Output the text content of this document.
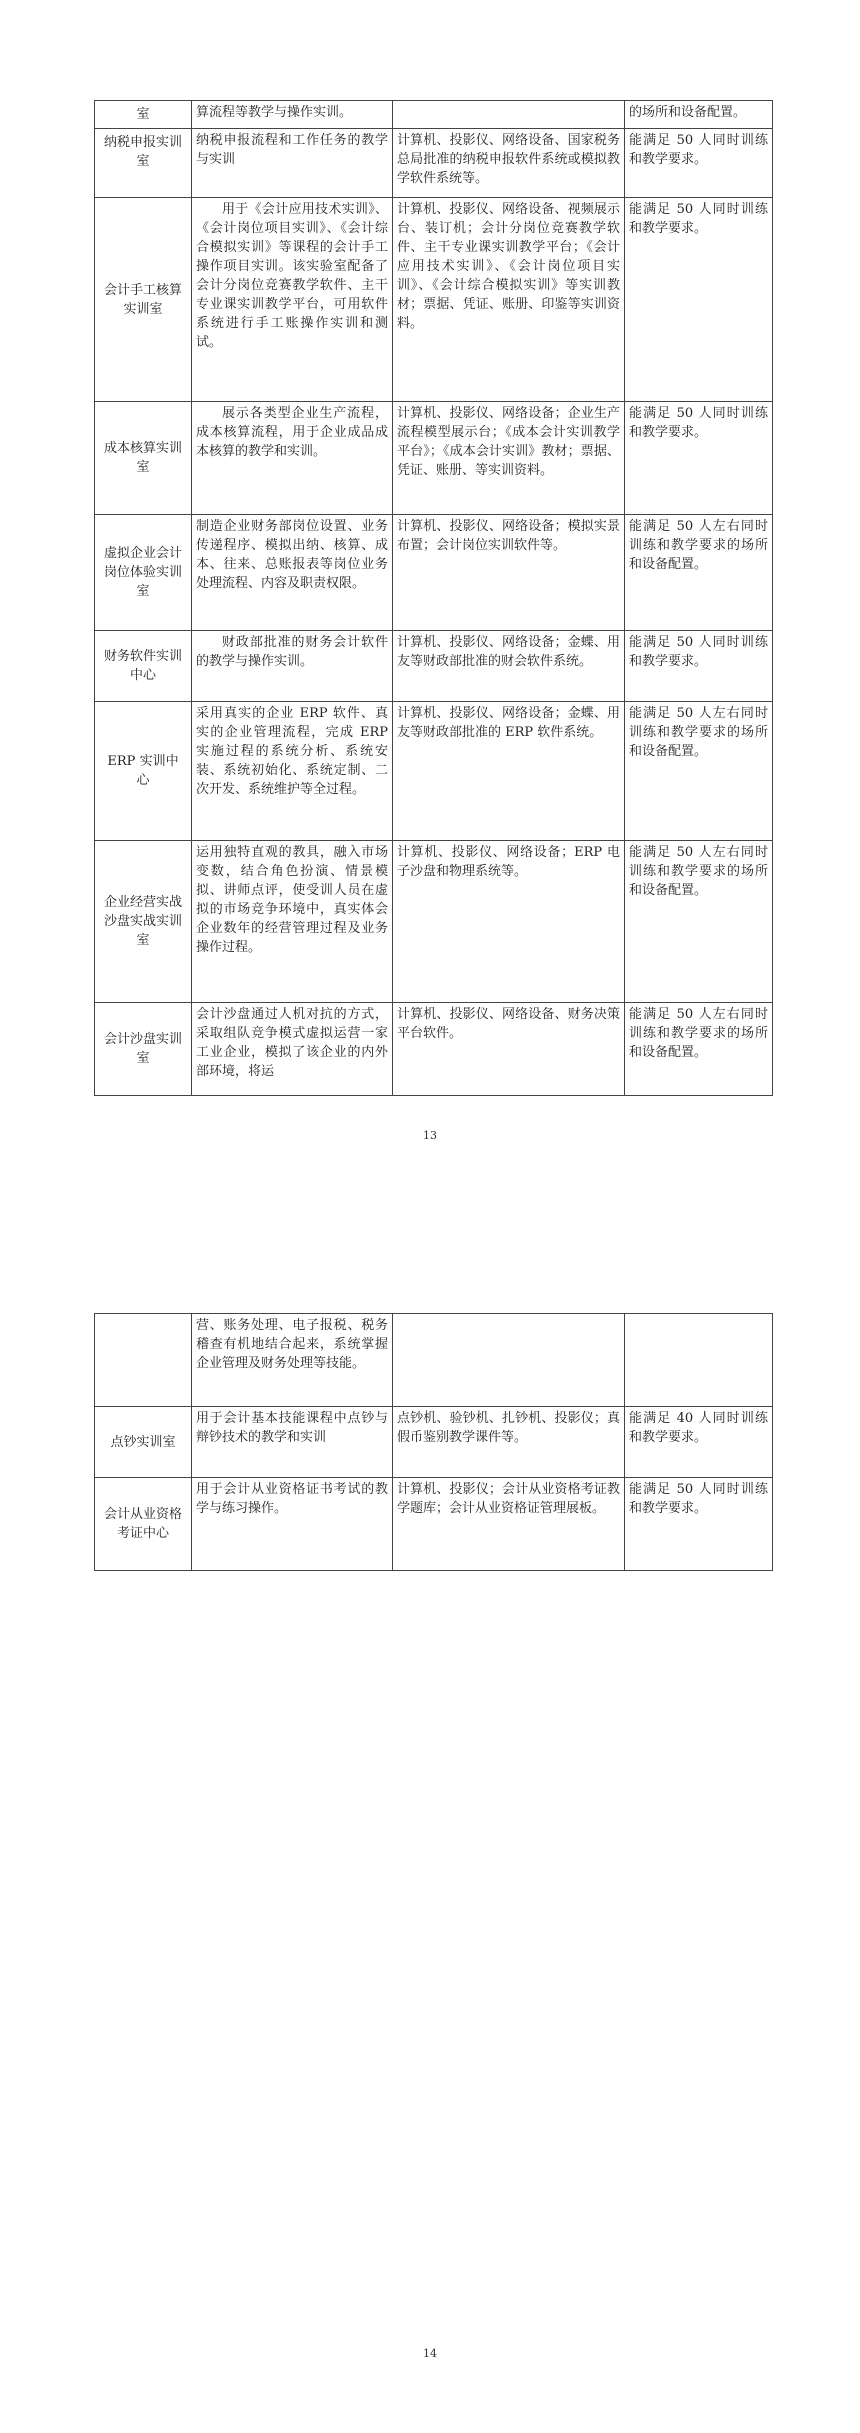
室	算流程等教学与操作实训。		的场所和设备配置。
纳税申报实训室	纳税申报流程和工作任务的教学与实训	计算机、投影仪、网络设备、国家税务总局批准的纳税申报软件系统或模拟教学软件系统等。	能满足 50 人同时训练和教学要求。
会计手工核算实训室	用于《会计应用技术实训》、《会计岗位项目实训》、《会计综合模拟实训》等课程的会计手工操作项目实训。该实验室配备了会计分岗位竞赛教学软件、主干专业课实训教学平台，可用软件系统进行手工账操作实训和测试。	计算机、投影仪、网络设备、视频展示台、装订机；会计分岗位竞赛教学软件、主干专业课实训教学平台；《会计应用技术实训》、《会计岗位项目实训》、《会计综合模拟实训》等实训教材；票据、凭证、账册、印鉴等实训资料。	能满足 50 人同时训练和教学要求。
成本核算实训室	展示各类型企业生产流程，成本核算流程，用于企业成品成本核算的教学和实训。	计算机、投影仪、网络设备；企业生产流程模型展示台；《成本会计实训教学平台》；《成本会计实训》教材；票据、凭证、账册、等实训资料。	能满足 50 人同时训练和教学要求。
虚拟企业会计岗位体验实训室	制造企业财务部岗位设置、业务传递程序、模拟出纳、核算、成本、往来、总账报表等岗位业务处理流程、内容及职责权限。	计算机、投影仪、网络设备；模拟实景布置；会计岗位实训软件等。	能满足 50 人左右同时训练和教学要求的场所和设备配置。
财务软件实训中心	财政部批准的财务会计软件的教学与操作实训。	计算机、投影仪、网络设备；金蝶、用友等财政部批准的财会软件系统。	能满足 50 人同时训练和教学要求。
ERP 实训中心	采用真实的企业 ERP 软件、真实的企业管理流程，完成 ERP 实施过程的系统分析、系统安装、系统初始化、系统定制、二次开发、系统维护等全过程。	计算机、投影仪、网络设备；金蝶、用友等财政部批准的 ERP 软件系统。	能满足 50 人左右同时训练和教学要求的场所和设备配置。
企业经营实战沙盘实战实训室	运用独特直观的教具，融入市场变数，结合角色扮演、情景模拟、讲师点评，使受训人员在虚拟的市场竞争环境中，真实体会企业数年的经营管理过程及业务操作过程。	计算机、投影仪、网络设备；ERP 电子沙盘和物理系统等。	能满足 50 人左右同时训练和教学要求的场所和设备配置。
会计沙盘实训室	会计沙盘通过人机对抗的方式，采取组队竞争模式虚拟运营一家工业企业，模拟了该企业的内外部环境，将运	计算机、投影仪、网络设备、财务决策平台软件。	能满足 50 人左右同时训练和教学要求的场所和设备配置。
13
	营、账务处理、电子报税、税务稽查有机地结合起来，系统掌握企业管理及财务处理等技能。		
点钞实训室	用于会计基本技能课程中点钞与辩钞技术的教学和实训	点钞机、验钞机、扎钞机、投影仪；真假币鉴别教学课件等。	能满足 40 人同时训练和教学要求。
会计从业资格考证中心	用于会计从业资格证书考试的教学与练习操作。	计算机、投影仪；会计从业资格考证教学题库；会计从业资格证管理展板。	能满足 50 人同时训练和教学要求。
14
